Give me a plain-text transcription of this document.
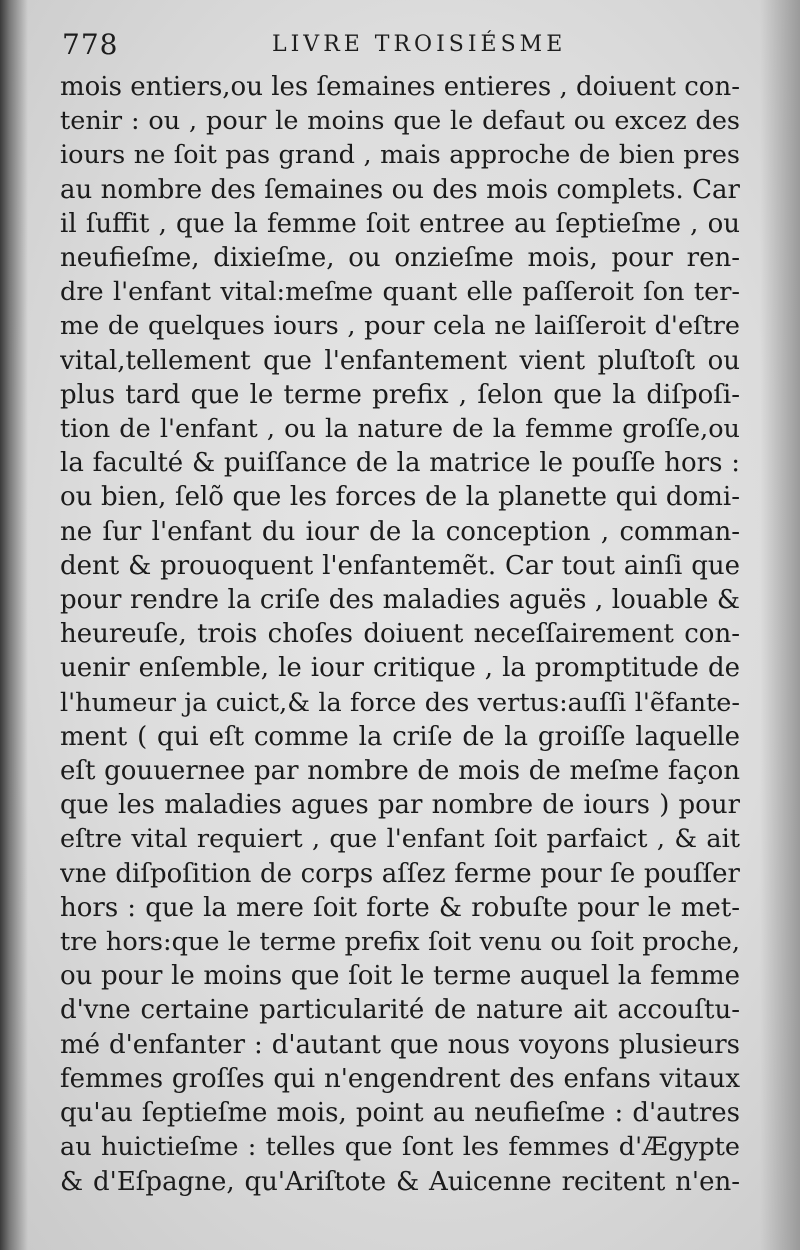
778	LIVRE TROISIÉSME
mois entiers,ou les ſemaines entieres , doiuent con-
tenir : ou , pour le moins que le defaut ou excez des
iours ne ſoit pas grand , mais approche de bien pres
au nombre des ſemaines ou des mois complets. Car
il ſuffit , que la femme ſoit entree au ſeptieſme , ou
neufieſme, dixieſme, ou onzieſme mois, pour ren-
dre l'enfant vital:meſme quant elle paſſeroit ſon ter-
me de quelques iours , pour cela ne laiſſeroit d'eſtre
vital,tellement que l'enfantement vient pluſtoſt ou
plus tard que le terme prefix , ſelon que la diſpoſi-
tion de l'enfant , ou la nature de la femme groſſe,ou
la faculté & puiſſance de la matrice le pouſſe hors :
ou bien, ſelõ que les forces de la planette qui domi-
ne ſur l'enfant du iour de la conception , comman-
dent & prouoquent l'enfantemẽt. Car tout ainſi que
pour rendre la criſe des maladies aguës , louable &
heureuſe, trois choſes doiuent neceſſairement con-
uenir enſemble, le iour critique , la promptitude de
l'humeur ja cuict,& la force des vertus:auſſi l'ẽfante-
ment ( qui eſt comme la criſe de la groiſſe laquelle
eſt gouuernee par nombre de mois de meſme façon
que les maladies agues par nombre de iours ) pour
eſtre vital requiert , que l'enfant ſoit parfaict , & ait
vne diſpoſition de corps aſſez ferme pour ſe pouſſer
hors : que la mere ſoit forte & robuſte pour le met-
tre hors:que le terme prefix ſoit venu ou ſoit proche,
ou pour le moins que ſoit le terme auquel la femme
d'vne certaine particularité de nature ait accouſtu-
mé d'enfanter : d'autant que nous voyons plusieurs
femmes groſſes qui n'engendrent des enfans vitaux
qu'au ſeptieſme mois, point au neufieſme : d'autres
au huictieſme : telles que ſont les femmes d'Ægypte
& d'Eſpagne, qu'Ariſtote & Auicenne recitent n'en-
